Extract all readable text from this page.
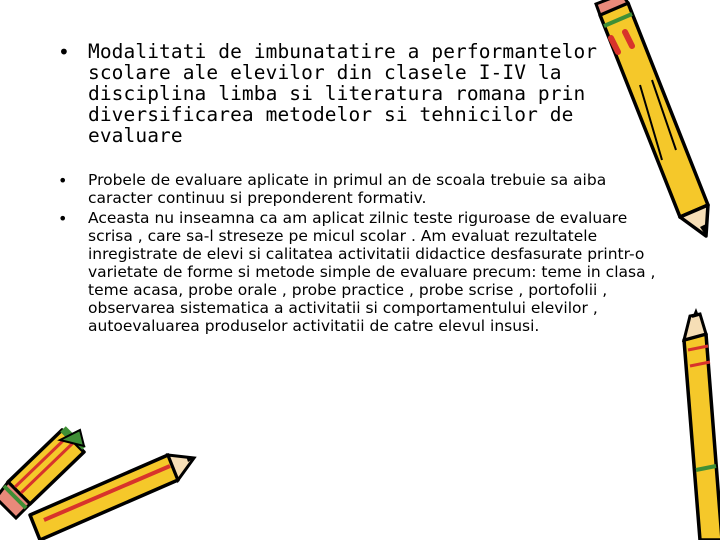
• Modalitati de imbunatatire a performantelor scolare ale elevilor din clasele I-IV la disciplina limba si literatura romana prin diversificarea metodelor si tehnicilor de evaluare
• Probele de evaluare aplicate in primul an de scoala trebuie sa aiba caracter continuu si preponderent formativ.
• Aceasta nu inseamna ca am aplicat zilnic teste riguroase de evaluare scrisa , care sa-l streseze pe micul scolar . Am evaluat rezultatele inregistrate de elevi si calitatea activitatii didactice desfasurate printr-o varietate de forme si metode simple de evaluare precum: teme in clasa , teme acasa, probe orale , probe practice , probe scrise , portofolii , observarea sistematica a activitatii si comportamentului elevilor , autoevaluarea produselor activitatii de catre elevul insusi.
